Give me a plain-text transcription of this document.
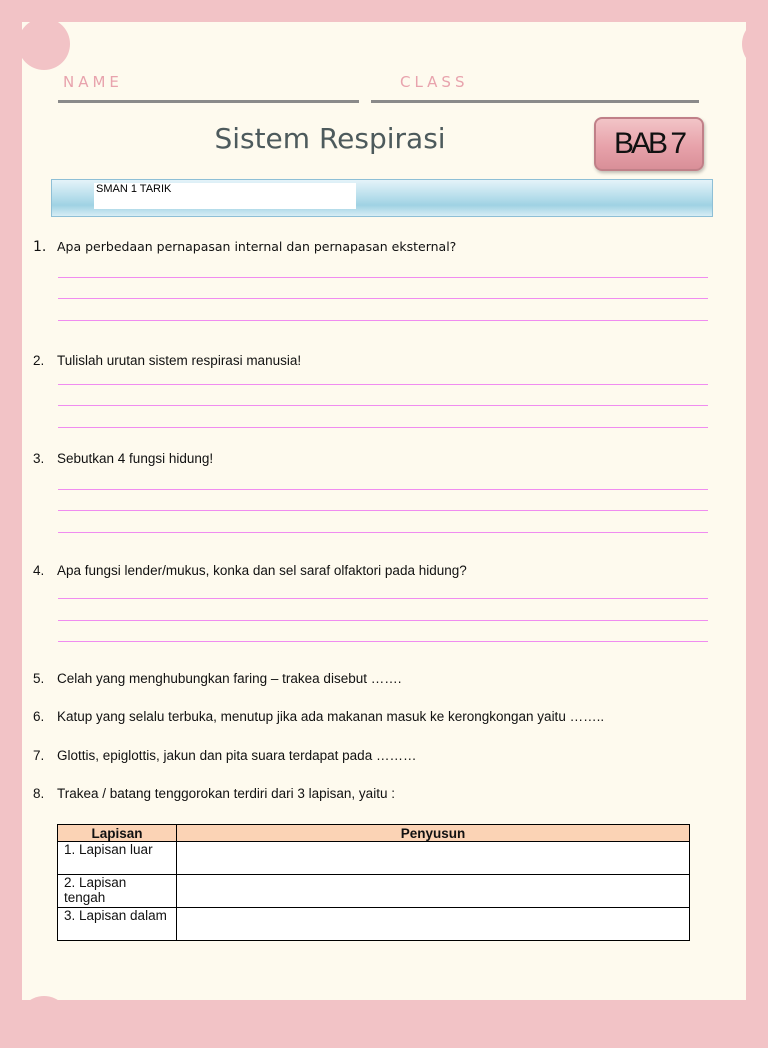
NAME	CLASS
Sistem Respirasi	BAB 7
SMAN 1 TARIK
1. Apa perbedaan pernapasan internal dan pernapasan eksternal?
2. Tulislah urutan sistem respirasi manusia!
3. Sebutkan 4 fungsi hidung!
4. Apa fungsi lender/mukus, konka dan sel saraf olfaktori pada hidung?
5. Celah yang menghubungkan faring – trakea disebut …….
6. Katup yang selalu terbuka, menutup jika ada makanan masuk ke kerongkongan yaitu ……..
7. Glottis, epiglottis, jakun dan pita suara terdapat pada ………
8. Trakea / batang tenggorokan terdiri dari 3 lapisan, yaitu :
Lapisan	Penyusun
1. Lapisan luar	
2. Lapisan tengah	
3. Lapisan dalam	
